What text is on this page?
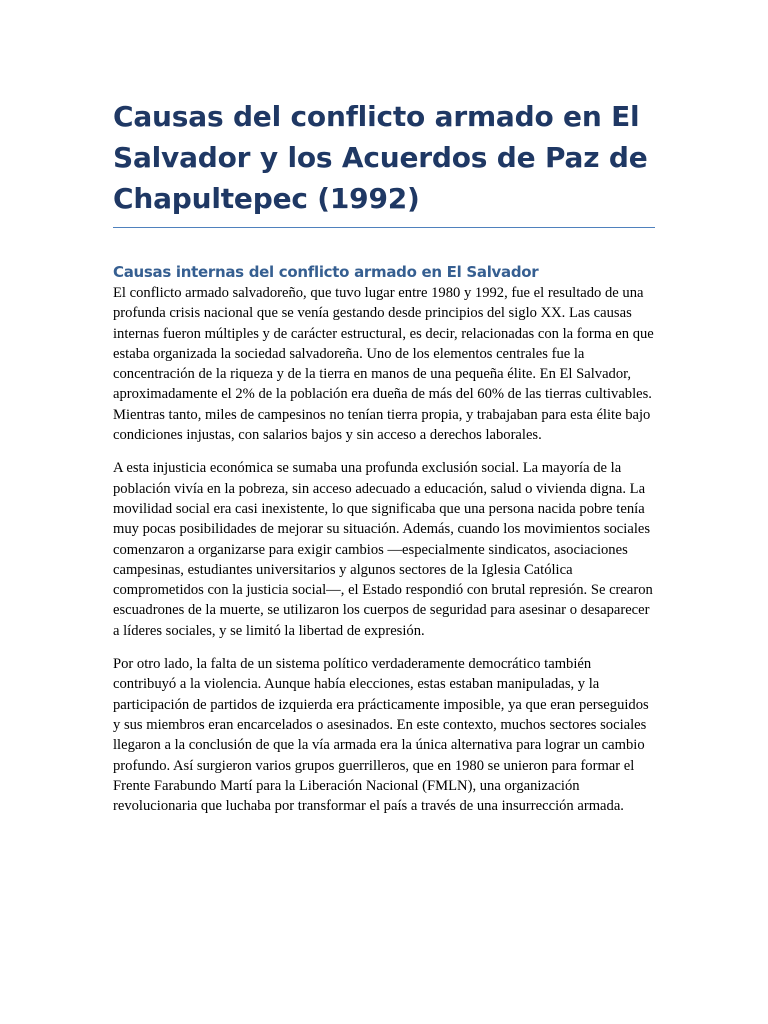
Causas del conflicto armado en El Salvador y los Acuerdos de Paz de Chapultepec (1992)
Causas internas del conflicto armado en El Salvador

El conflicto armado salvadoreño, que tuvo lugar entre 1980 y 1992, fue el resultado de una profunda crisis nacional que se venía gestando desde principios del siglo XX. Las causas internas fueron múltiples y de carácter estructural, es decir, relacionadas con la forma en que estaba organizada la sociedad salvadoreña. Uno de los elementos centrales fue la concentración de la riqueza y de la tierra en manos de una pequeña élite. En El Salvador, aproximadamente el 2% de la población era dueña de más del 60% de las tierras cultivables. Mientras tanto, miles de campesinos no tenían tierra propia, y trabajaban para esta élite bajo condiciones injustas, con salarios bajos y sin acceso a derechos laborales.

A esta injusticia económica se sumaba una profunda exclusión social. La mayoría de la población vivía en la pobreza, sin acceso adecuado a educación, salud o vivienda digna. La movilidad social era casi inexistente, lo que significaba que una persona nacida pobre tenía muy pocas posibilidades de mejorar su situación. Además, cuando los movimientos sociales comenzaron a organizarse para exigir cambios —especialmente sindicatos, asociaciones campesinas, estudiantes universitarios y algunos sectores de la Iglesia Católica comprometidos con la justicia social—, el Estado respondió con brutal represión. Se crearon escuadrones de la muerte, se utilizaron los cuerpos de seguridad para asesinar o desaparecer a líderes sociales, y se limitó la libertad de expresión.

Por otro lado, la falta de un sistema político verdaderamente democrático también contribuyó a la violencia. Aunque había elecciones, estas estaban manipuladas, y la participación de partidos de izquierda era prácticamente imposible, ya que eran perseguidos y sus miembros eran encarcelados o asesinados. En este contexto, muchos sectores sociales llegaron a la conclusión de que la vía armada era la única alternativa para lograr un cambio profundo. Así surgieron varios grupos guerrilleros, que en 1980 se unieron para formar el Frente Farabundo Martí para la Liberación Nacional (FMLN), una organización revolucionaria que luchaba por transformar el país a través de una insurrección armada.
